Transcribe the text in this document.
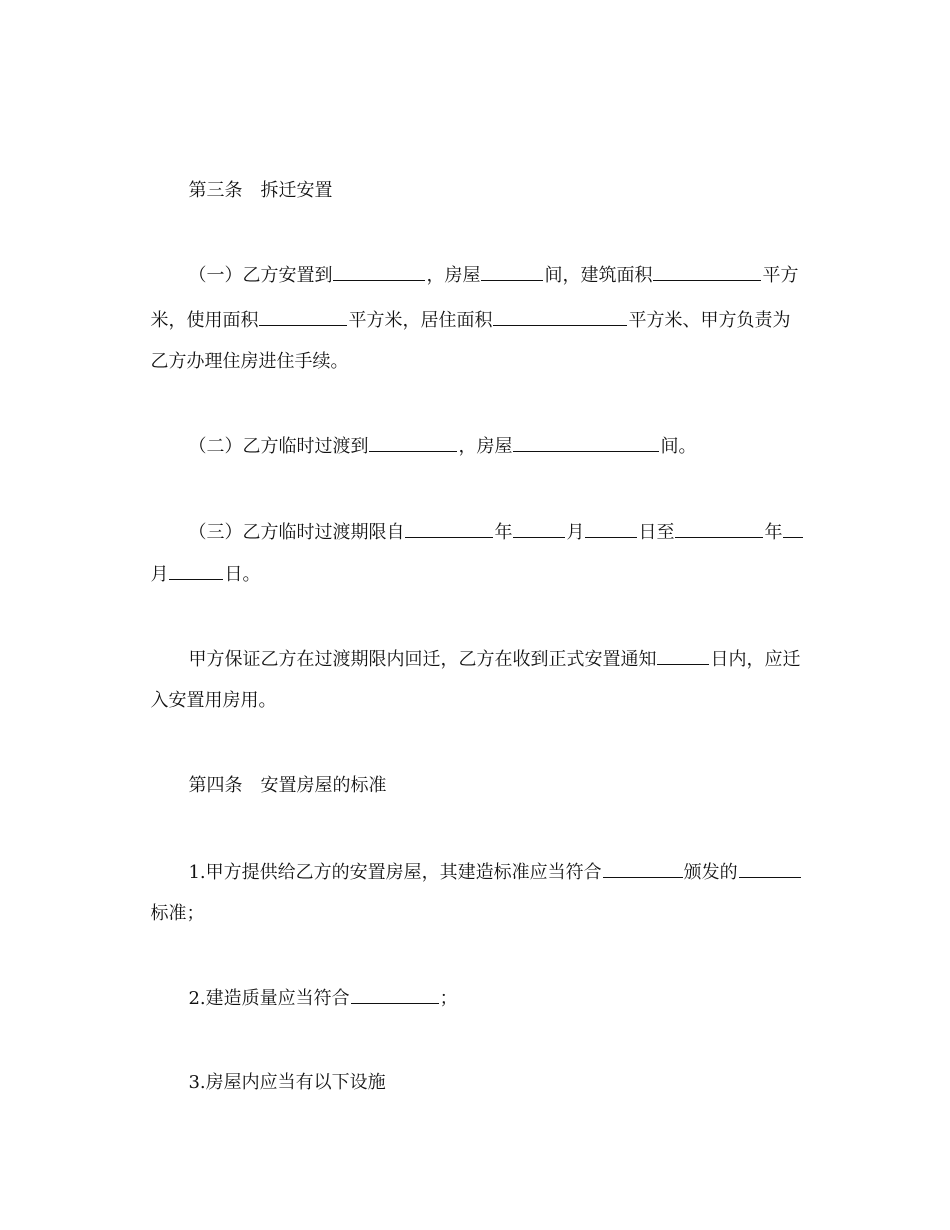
第三条　拆迁安置

（一）乙方安置到	，房屋	间，建筑面积	平方

米，使用面积	平方米，居住面积	平方米、甲方负责为

乙方办理住房进住手续。

（二）乙方临时过渡到	，房屋	间。

（三）乙方临时过渡期限自	年	月	日至	年

月	日。

甲方保证乙方在过渡期限内回迁，乙方在收到正式安置通知	日内，应迁

入安置用房用。

第四条　安置房屋的标准

1.甲方提供给乙方的安置房屋，其建造标准应当符合	颁发的

标准；

2.建造质量应当符合	；

3.房屋内应当有以下设施
